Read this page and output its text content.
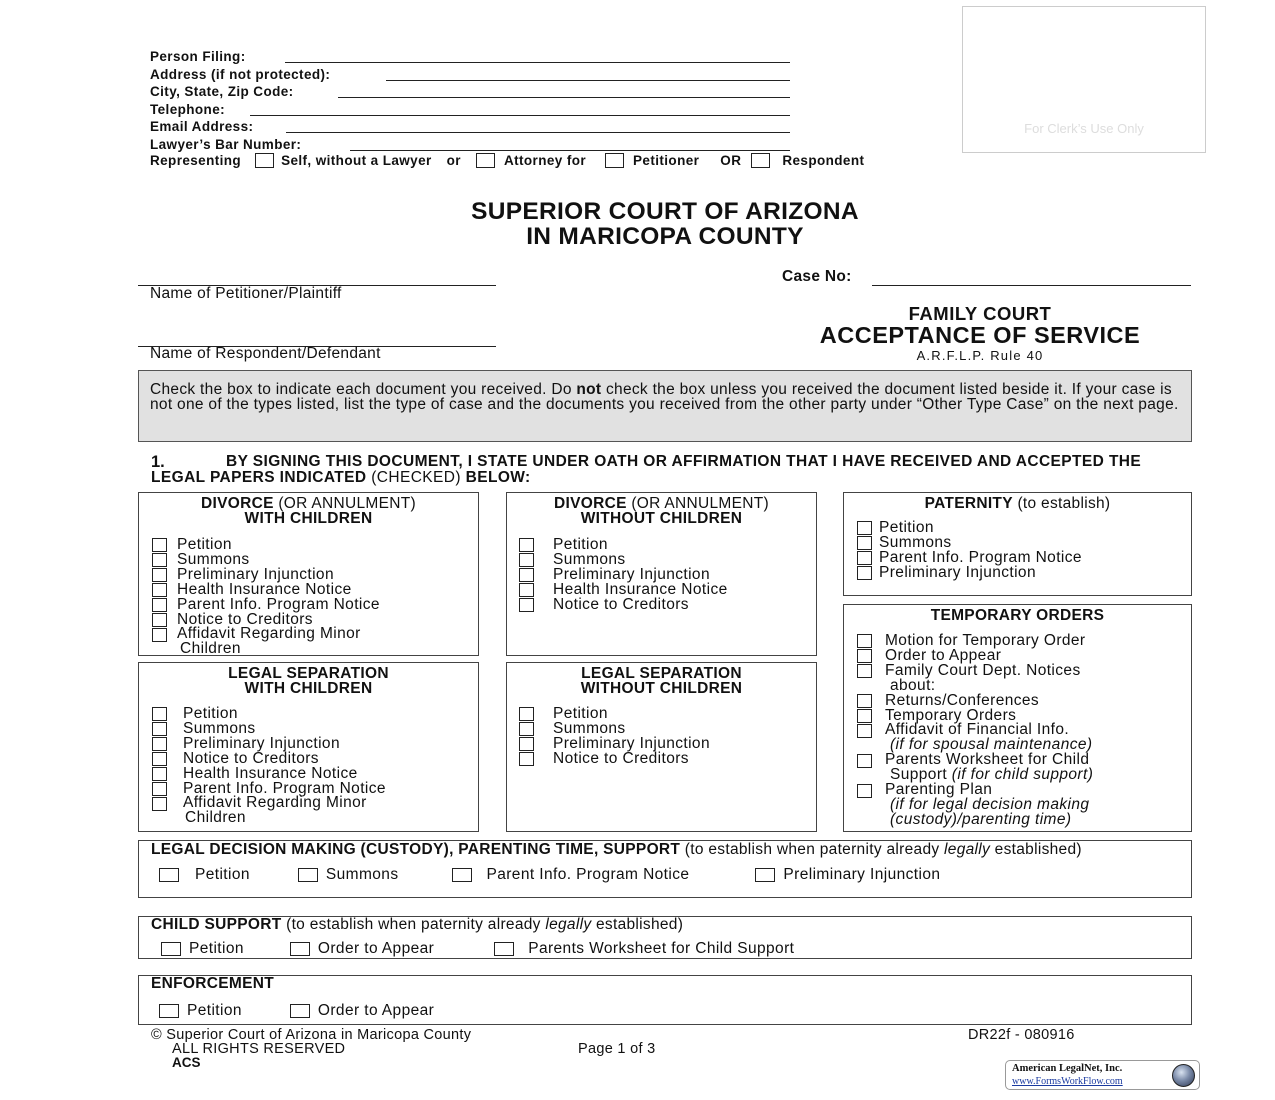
Person Filing:
Address (if not protected):
City, State, Zip Code:
Telephone:
Email Address:
Lawyer’s Bar Number:
Representing	Self, without a Lawyer or	Attorney for	Petitioner OR	Respondent
For Clerk’s Use Only
SUPERIOR COURT OF ARIZONA
IN MARICOPA COUNTY
Name of Petitioner/Plaintiff
Name of Respondent/Defendant
Case No:
FAMILY COURT
ACCEPTANCE OF SERVICE
A.R.F.L.P. Rule 40
Check the box to indicate each document you received. Do not check the box unless you received the document listed beside it. If your case is not one of the types listed, list the type of case and the documents you received from the other party under “Other Type Case” on the next page.
1.	BY SIGNING THIS DOCUMENT, I STATE UNDER OATH OR AFFIRMATION THAT I HAVE RECEIVED AND ACCEPTED THE LEGAL PAPERS INDICATED (CHECKED) BELOW:
DIVORCE (OR ANNULMENT)
WITH CHILDREN
Petition
Summons
Preliminary Injunction
Health Insurance Notice
Parent Info. Program Notice
Notice to Creditors
Affidavit Regarding Minor
Children
DIVORCE (OR ANNULMENT)
WITHOUT CHILDREN
Petition
Summons
Preliminary Injunction
Health Insurance Notice
Notice to Creditors
PATERNITY (to establish)
Petition
Summons
Parent Info. Program Notice
Preliminary Injunction
TEMPORARY ORDERS
Motion for Temporary Order
Order to Appear
Family Court Dept. Notices
about:
Returns/Conferences
Temporary Orders
Affidavit of Financial Info.
(if for spousal maintenance)
Parents Worksheet for Child
Support (if for child support)
Parenting Plan
(if for legal decision making
(custody)/parenting time)
LEGAL SEPARATION
WITH CHILDREN
Petition
Summons
Preliminary Injunction
Notice to Creditors
Health Insurance Notice
Parent Info. Program Notice
Affidavit Regarding Minor
Children
LEGAL SEPARATION
WITHOUT CHILDREN
Petition
Summons
Preliminary Injunction
Notice to Creditors
LEGAL DECISION MAKING (CUSTODY), PARENTING TIME, SUPPORT (to establish when paternity already legally established)
Petition	Summons	Parent Info. Program Notice	Preliminary Injunction
CHILD SUPPORT (to establish when paternity already legally established)
Petition	Order to Appear	Parents Worksheet for Child Support
ENFORCEMENT
Petition	Order to Appear
© Superior Court of Arizona in Maricopa County
ALL RIGHTS RESERVED
ACS
Page 1 of 3
DR22f - 080916
American LegalNet, Inc.
www.FormsWorkFlow.com
